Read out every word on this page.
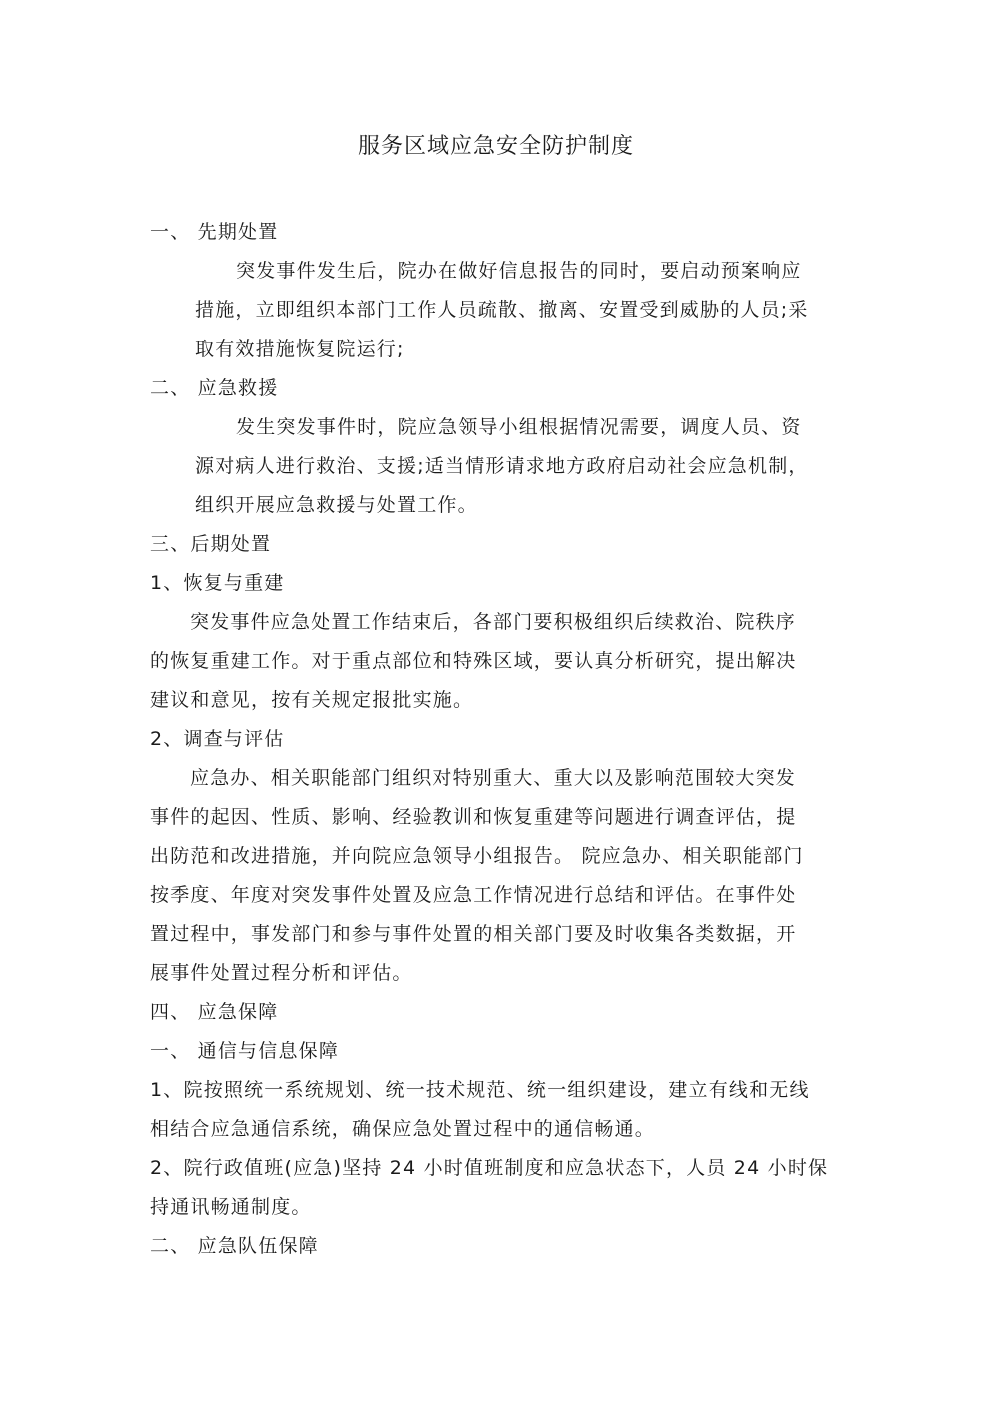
服务区域应急安全防护制度

一、 先期处置

突发事件发生后，院办在做好信息报告的同时，要启动预案响应

措施，立即组织本部门工作人员疏散、撤离、安置受到威胁的人员;采

取有效措施恢复院运行;

二、 应急救援

发生突发事件时，院应急领导小组根据情况需要，调度人员、资

源对病人进行救治、支援;适当情形请求地方政府启动社会应急机制，

组织开展应急救援与处置工作。

三、后期处置

1、恢复与重建

突发事件应急处置工作结束后，各部门要积极组织后续救治、院秩序

的恢复重建工作。对于重点部位和特殊区域，要认真分析研究，提出解决

建议和意见，按有关规定报批实施。

2、调查与评估

应急办、相关职能部门组织对特别重大、重大以及影响范围较大突发

事件的起因、性质、影响、经验教训和恢复重建等问题进行调查评估，提

出防范和改进措施，并向院应急领导小组报告。 院应急办、相关职能部门

按季度、年度对突发事件处置及应急工作情况进行总结和评估。在事件处

置过程中，事发部门和参与事件处置的相关部门要及时收集各类数据，开

展事件处置过程分析和评估。

四、 应急保障

一、 通信与信息保障

1、院按照统一系统规划、统一技术规范、统一组织建设，建立有线和无线

相结合应急通信系统，确保应急处置过程中的通信畅通。

2、院行政值班(应急)坚持 24 小时值班制度和应急状态下，人员 24 小时保

持通讯畅通制度。

二、 应急队伍保障
